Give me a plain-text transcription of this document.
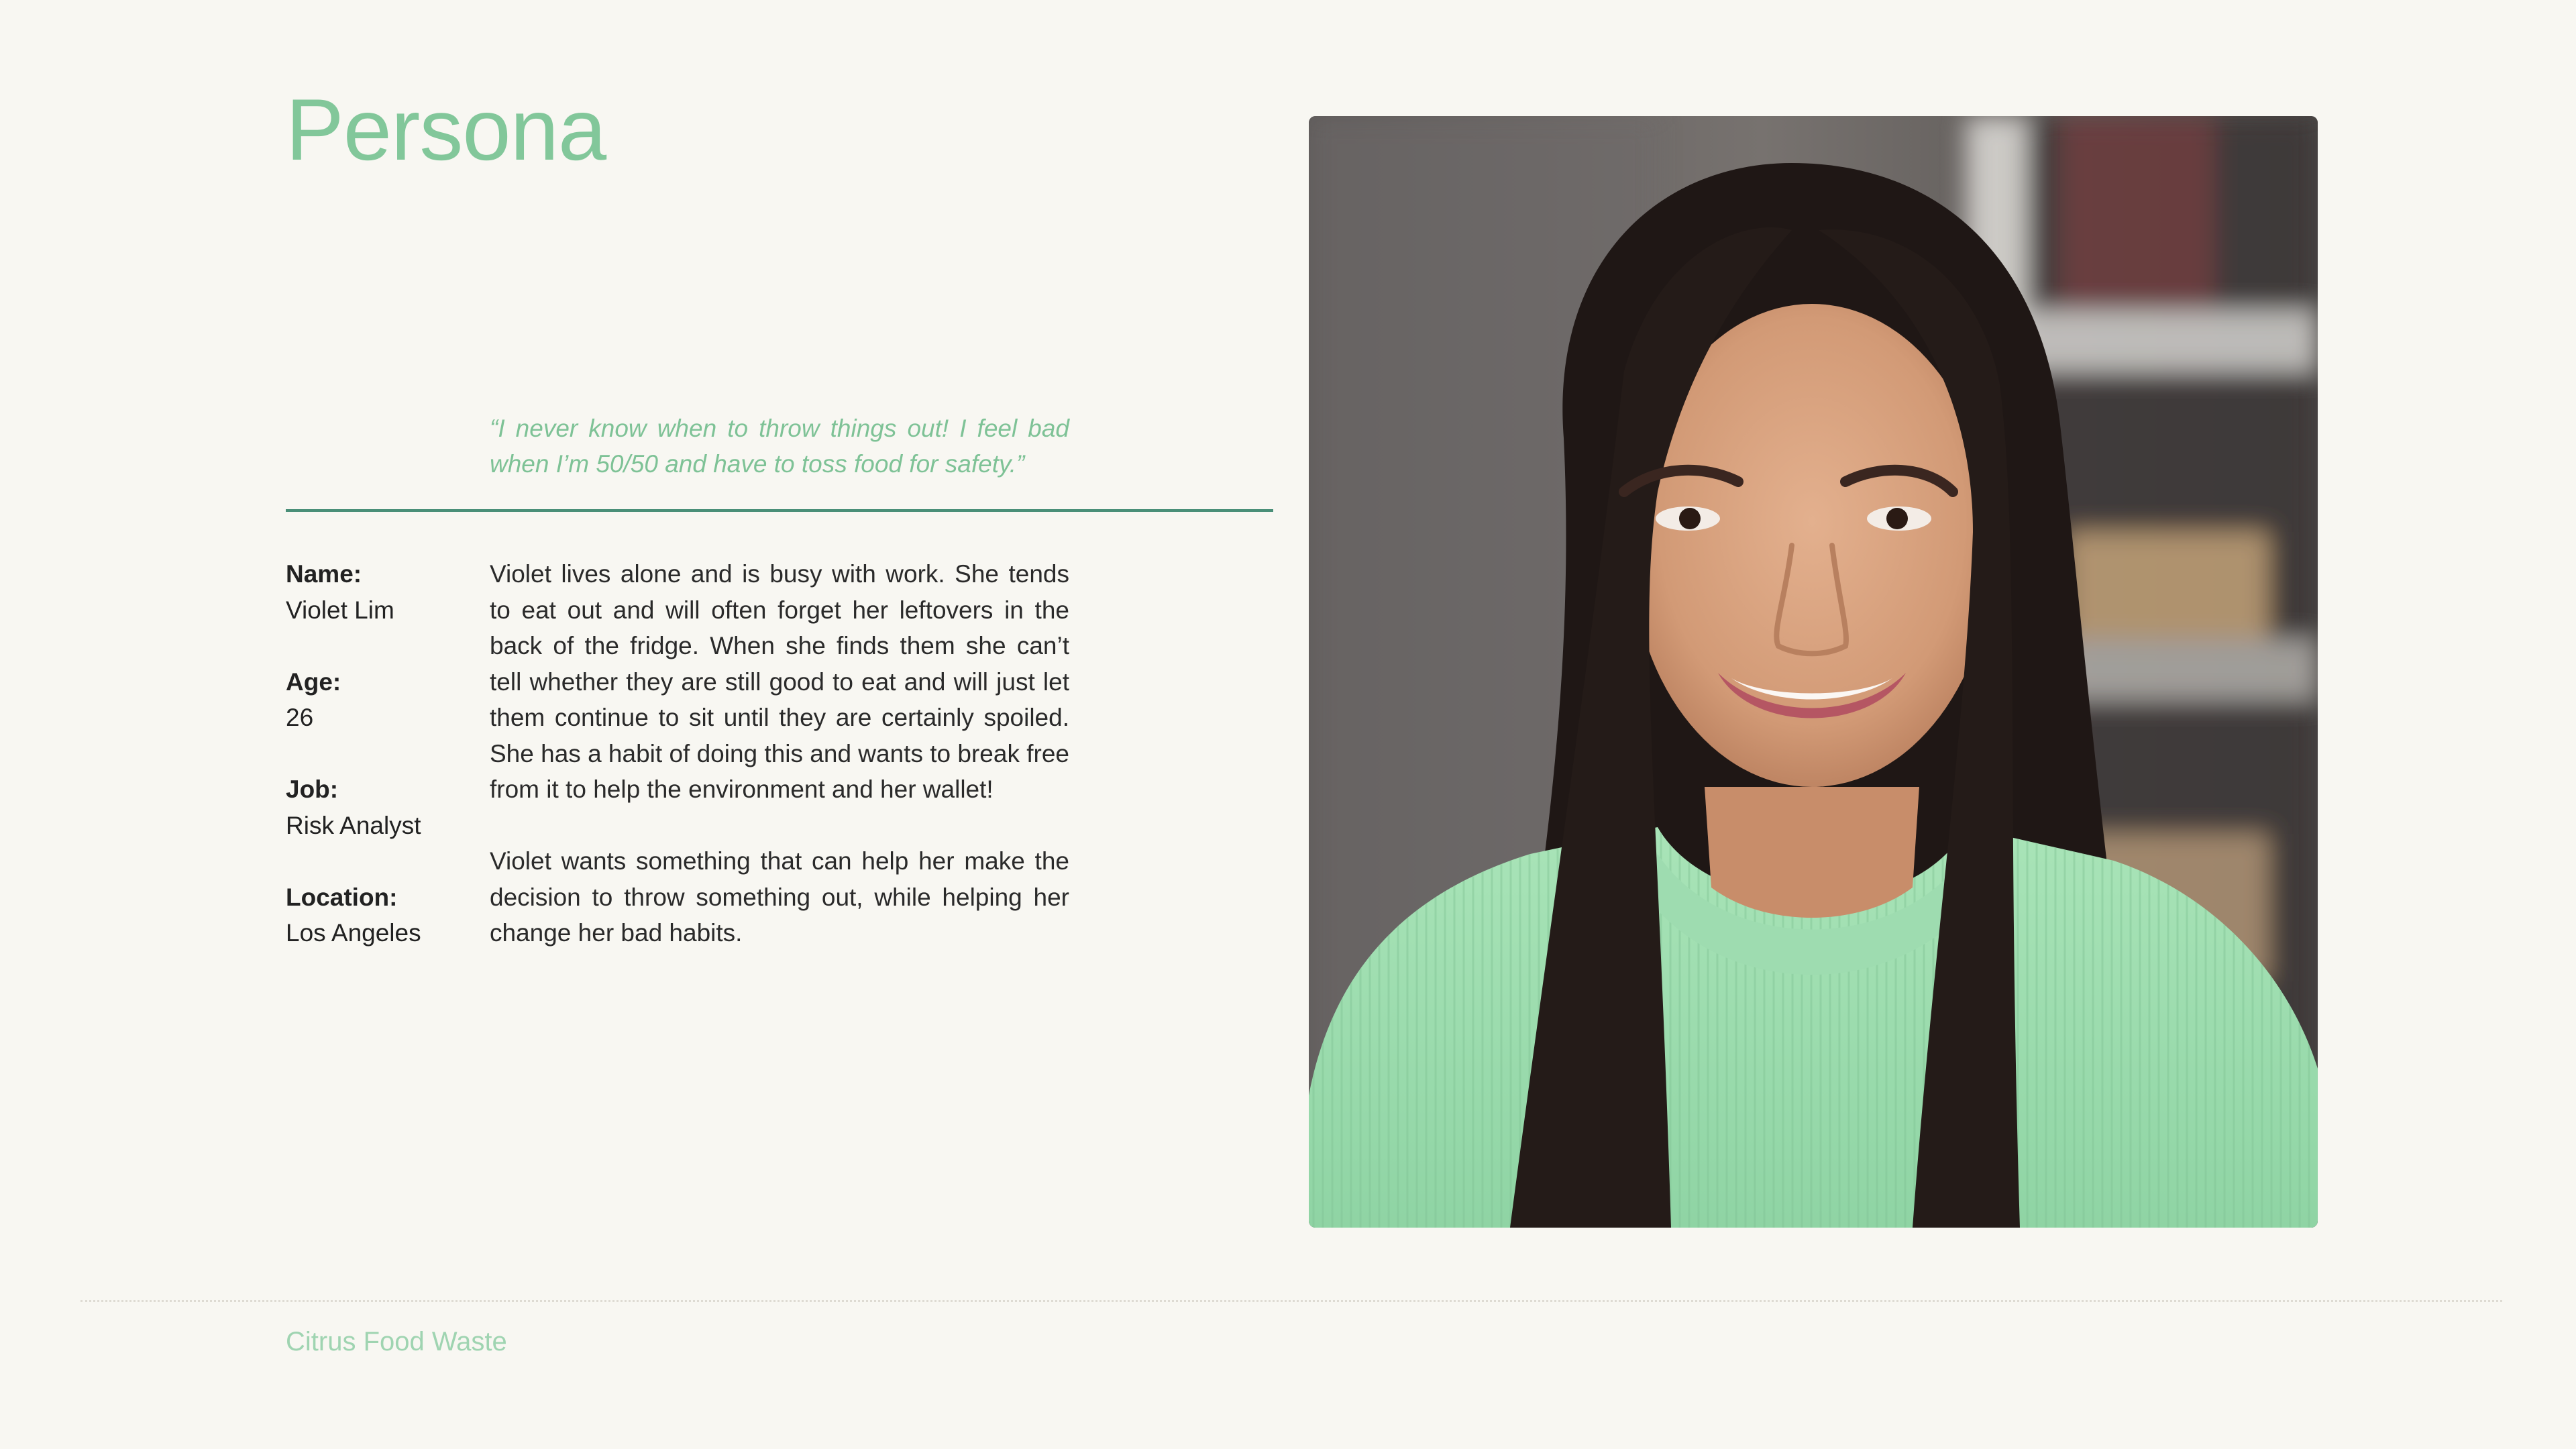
Persona
“I never know when to throw things out! I feel bad when I’m 50/50 and have to toss food for safety.”
Name:
Violet Lim
Age:
26
Job:
Risk Analyst
Location:
Los Angeles

Violet lives alone and is busy with work. She tends to eat out and will often forget her leftovers in the back of the fridge. When she finds them she can’t tell whether they are still good to eat and will just let them continue to sit until they are certainly spoiled. She has a habit of doing this and wants to break free from it to help the environment and her wallet!

Violet wants something that can help her make the decision to throw something out, while helping her change her bad habits.

Citrus Food Waste
